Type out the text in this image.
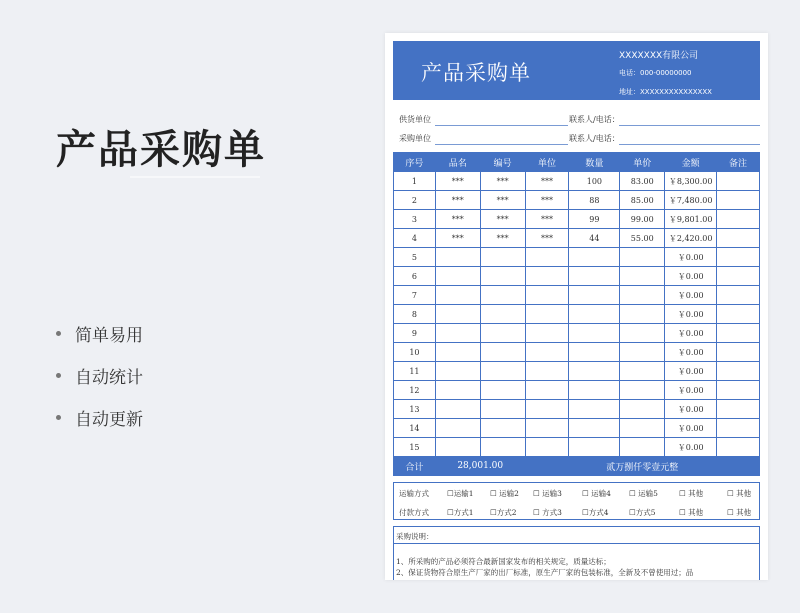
产品采购单
简单易用
自动统计
自动更新
产品采购单
XXXXXXX有限公司
电话：000-00000000
地址：XXXXXXXXXXXXXXX
供货单位	联系人/电话：
采购单位	联系人/电话：
序号	品名	编号	单位	数量	单价	金额	备注
1	***	***	***	100	83.00	￥8,300.00	
2	***	***	***	88	85.00	￥7,480.00	
3	***	***	***	99	99.00	￥9,801.00	
4	***	***	***	44	55.00	￥2,420.00	
5						￥0.00	
6						￥0.00	
7						￥0.00	
8						￥0.00	
9						￥0.00	
10						￥0.00	
11						￥0.00	
12						￥0.00	
13						￥0.00	
14						￥0.00	
15						￥0.00	
合计	28,001.00		贰万捌仟零壹元整				
运输方式 ☐运输1 ☐ 运输2 ☐ 运输3	☐ 运输4 ☐ 运输5	☐ 其他	☐ 其他
付款方式 ☐方式1 ☐方式2 ☐ 方式3	☐方式4	☐方式5	☐ 其他	☐ 其他
采购说明：
1、所采购的产品必须符合最新国家发布的相关规定，质量达标；
2、保证货物符合原生产厂家的出厂标准，原生产厂家的包装标准，全新及不曾使用过；品
